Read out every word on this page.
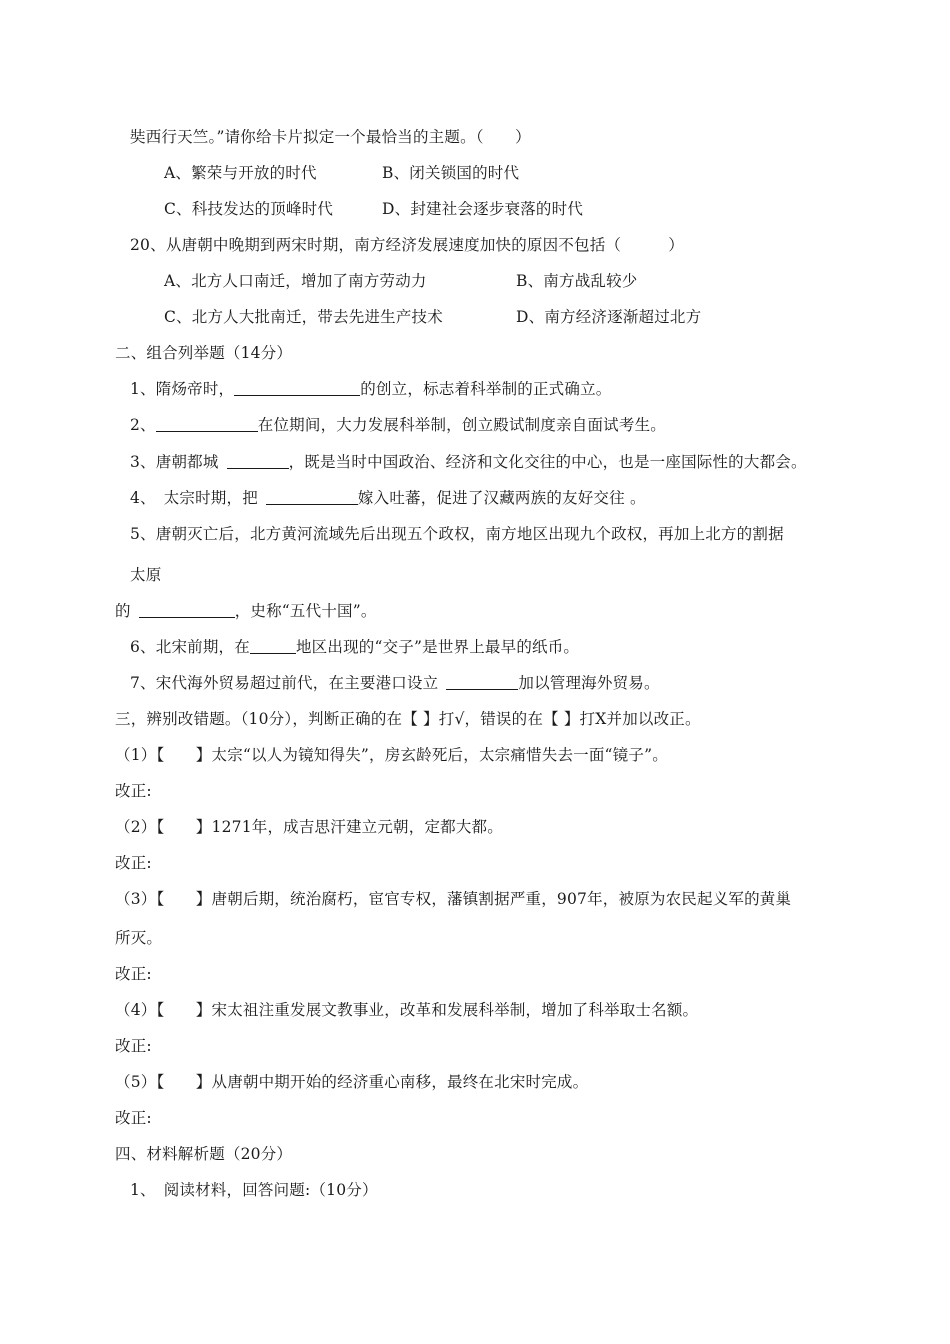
奘西行天竺。”请你给卡片拟定一个最恰当的主题。（　　）
A、繁荣与开放的时代	B、闭关锁国的时代
C、科技发达的顶峰时代	D、封建社会逐步衰落的时代
20、从唐朝中晚期到两宋时期，南方经济发展速度加快的原因不包括（　　　）
A、北方人口南迁，增加了南方劳动力	B、南方战乱较少
C、北方人大批南迁，带去先进生产技术	D、南方经济逐渐超过北方
二、组合列举题（14分）
1、隋炀帝时，	的创立，标志着科举制的正式确立。
2、	在位期间，大力发展科举制，创立殿试制度亲自面试考生。
3、唐朝都城	，既是当时中国政治、经济和文化交往的中心，也是一座国际性的大都会。
4、　太宗时期，把	嫁入吐蕃，促进了汉藏两族的友好交往 。
5、唐朝灭亡后，北方黄河流域先后出现五个政权，南方地区出现九个政权，再加上北方的割据
太原
的	，史称“五代十国”。
6、北宋前期，在	地区出现的“交子”是世界上最早的纸币。
7、宋代海外贸易超过前代，在主要港口设立	加以管理海外贸易。
三，辨别改错题。（10分），判断正确的在【 】打√，错误的在【 】打X并加以改正。
（1）【　　】太宗“以人为镜知得失”，房玄龄死后，太宗痛惜失去一面“镜子”。
改正:
（2）【　　】1271年，成吉思汗建立元朝，定都大都。
改正:
（3）【　　】唐朝后期，统治腐朽，宦官专权，藩镇割据严重，907年，被原为农民起义军的黄巢
所灭。
改正:
（4）【　　】宋太祖注重发展文教事业，改革和发展科举制，增加了科举取士名额。
改正:
（5）【　　】从唐朝中期开始的经济重心南移，最终在北宋时完成。
改正:
四、材料解析题（20分）
1、　阅读材料，回答问题:（10分）
